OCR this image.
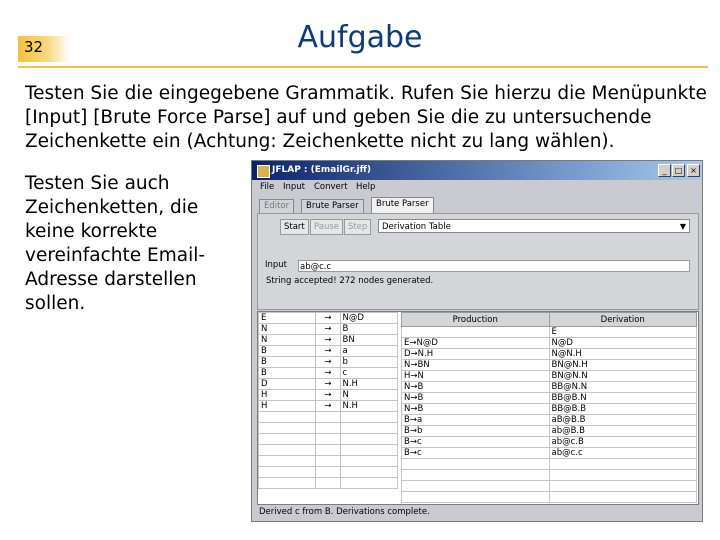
32	Aufgabe
Testen Sie die eingegebene Grammatik. Rufen Sie hierzu die Menüpunkte [Input] [Brute Force Parse] auf und geben Sie die zu untersuchende Zeichenkette ein (Achtung: Zeichenkette nicht zu lang wählen).
Testen Sie auch Zeichenketten, die keine korrekte vereinfachte Email-Adresse darstellen sollen.
JFLAP : (EmailGr.jff)	_	□ ×
File Input Convert Help
Editor	Brute Parser	Brute Parser
Start	Pause	Step	Derivation Table	▼
Input ab@c.c
String accepted! 272 nodes generated.
E	→	N@D
N	→	B
N	→	BN
B	→	a
B	→	b
B	→	c
D	→	N.H
H	→	N
H	→	N.H

Production	Derivation
	E
E→N@D	N@D
D→N.H	N@N.H
N→BN	BN@N.H
H→N	BN@N.N
N→B	BB@N.N
N→B	BB@B.N
N→B	BB@B.B
B→a	aB@B.B
B→b	ab@B.B
B→c	ab@c.B
B→c	ab@c.c

Derived c from B. Derivations complete.
